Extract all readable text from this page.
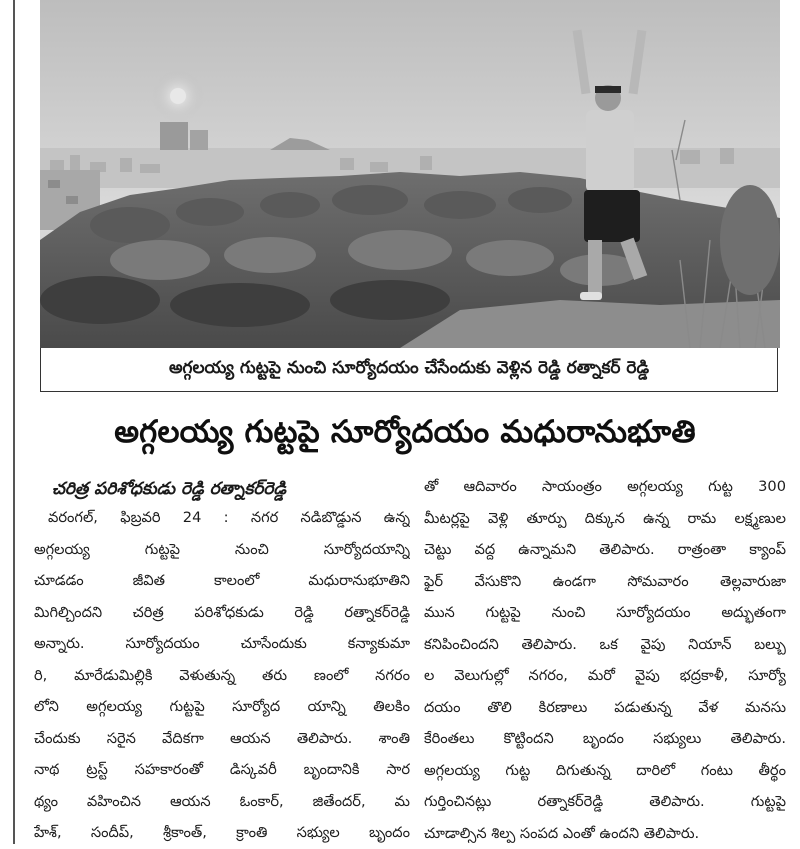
అగ్గలయ్య గుట్టపై నుంచి సూర్యోదయం చేసేందుకు వెళ్లిన రెడ్డి రత్నాకర్ రెడ్డి
అగ్గలయ్య గుట్టపై సూర్యోదయం మధురానుభూతి
చరిత్ర పరిశోధకుడు రెడ్డి రత్నాకర్‌రెడ్డి
వరంగల్, ఫిబ్రవరి 24 : నగర నడిబొడ్డున ఉన్న
అగ్గలయ్య గుట్టపై నుంచి సూర్యోదయాన్ని
చూడడం జీవిత కాలంలో మధురానుభూతిని
మిగిల్చిందని చరిత్ర పరిశోధకుడు రెడ్డి రత్నాకర్‌రెడ్డి
అన్నారు. సూర్యోదయం చూసేందుకు కన్యాకుమా
రి, మారేడుమిల్లికి వెళుతున్న తరు ణంలో నగరం
లోని అగ్గలయ్య గుట్టపై సూర్యోద యాన్ని తిలకిం
చేందుకు సరైన వేదికగా ఆయన తెలిపారు. శాంతి
నాథ ట్రస్ట్ సహకారంతో డిస్కవరీ బృందానికి సార
థ్యం వహించిన ఆయన ఓంకార్, జితేందర్, మ
హేశ్, సందీప్, శ్రీకాంత్, క్రాంతి సభ్యుల బృందం
తో ఆదివారం సాయంత్రం అగ్గలయ్య గుట్ట 300
మీటర్లపై వెళ్లి తూర్పు దిక్కున ఉన్న రామ లక్ష్మణుల
చెట్టు వద్ద ఉన్నామని తెలిపారు. రాత్రంతా క్యాంప్
ఫైర్ వేసుకొని ఉండగా సోమవారం తెల్లవారుజా
మున గుట్టపై నుంచి సూర్యోదయం అద్భుతంగా
కనిపించిందని తెలిపారు. ఒక వైపు నియాన్ బల్బు
ల వెలుగుల్లో నగరం, మరో వైపు భద్రకాళీ, సూర్యో
దయం తొలి కిరణాలు పడుతున్న వేళ మనసు
కేరింతలు కొట్టిందని బృందం సభ్యులు తెలిపారు.
అగ్గలయ్య గుట్ట దిగుతున్న దారిలో గంటు తీర్థం
గుర్తించినట్లు రత్నాకర్‌రెడ్డి తెలిపారు. గుట్టపై
చూడాల్సిన శిల్ప సంపద ఎంతో ఉందని తెలిపారు.
